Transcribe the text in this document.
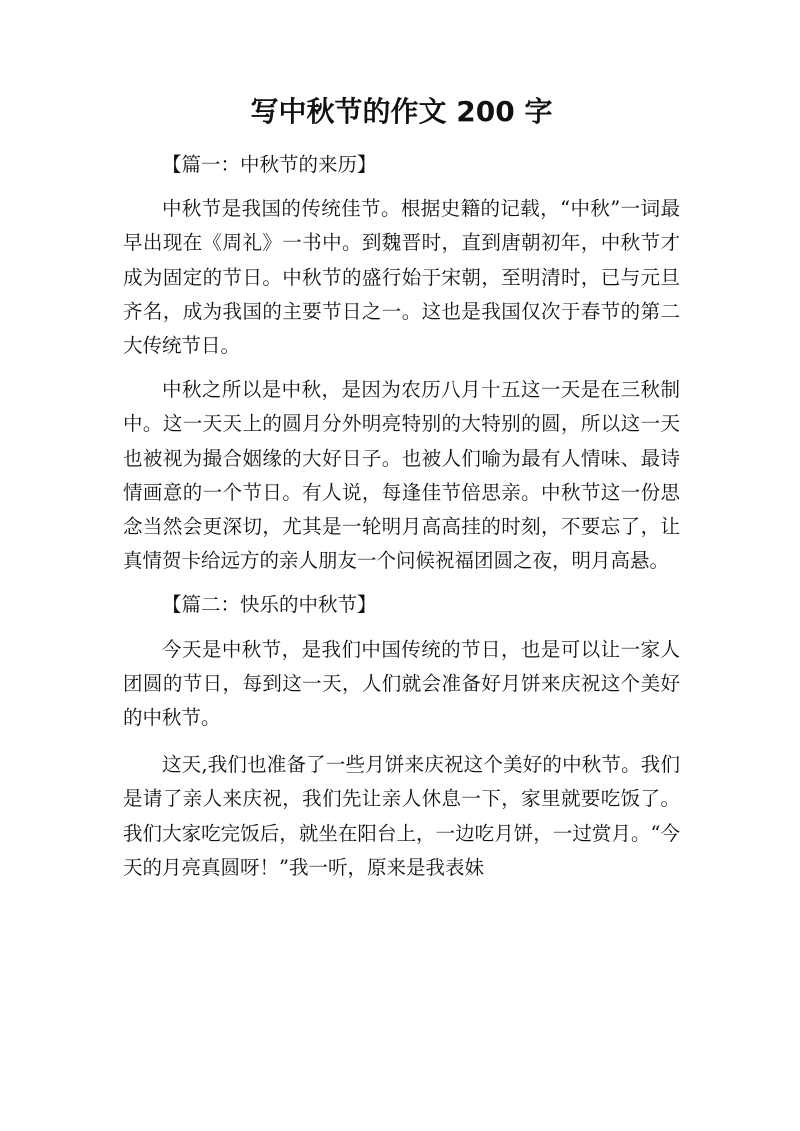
写中秋节的作文 200 字

【篇一：中秋节的来历】

中秋节是我国的传统佳节。根据史籍的记载，“中秋”一词最早出现在《周礼》一书中。到魏晋时，直到唐朝初年，中秋节才成为固定的节日。中秋节的盛行始于宋朝，至明清时，已与元旦齐名，成为我国的主要节日之一。这也是我国仅次于春节的第二大传统节日。

中秋之所以是中秋，是因为农历八月十五这一天是在三秋制中。这一天天上的圆月分外明亮特别的大特别的圆，所以这一天也被视为撮合姻缘的大好日子。也被人们喻为最有人情味、最诗情画意的一个节日。有人说，每逢佳节倍思亲。中秋节这一份思念当然会更深切，尤其是一轮明月高高挂的时刻，不要忘了，让真情贺卡给远方的亲人朋友一个问候祝福团圆之夜，明月高悬。

【篇二：快乐的中秋节】

今天是中秋节，是我们中国传统的节日，也是可以让一家人团圆的节日，每到这一天，人们就会准备好月饼来庆祝这个美好的中秋节。

这天,我们也准备了一些月饼来庆祝这个美好的中秋节。我们是请了亲人来庆祝，我们先让亲人休息一下，家里就要吃饭了。我们大家吃完饭后，就坐在阳台上，一边吃月饼，一过赏月。“今天的月亮真圆呀！”我一听，原来是我表妹
